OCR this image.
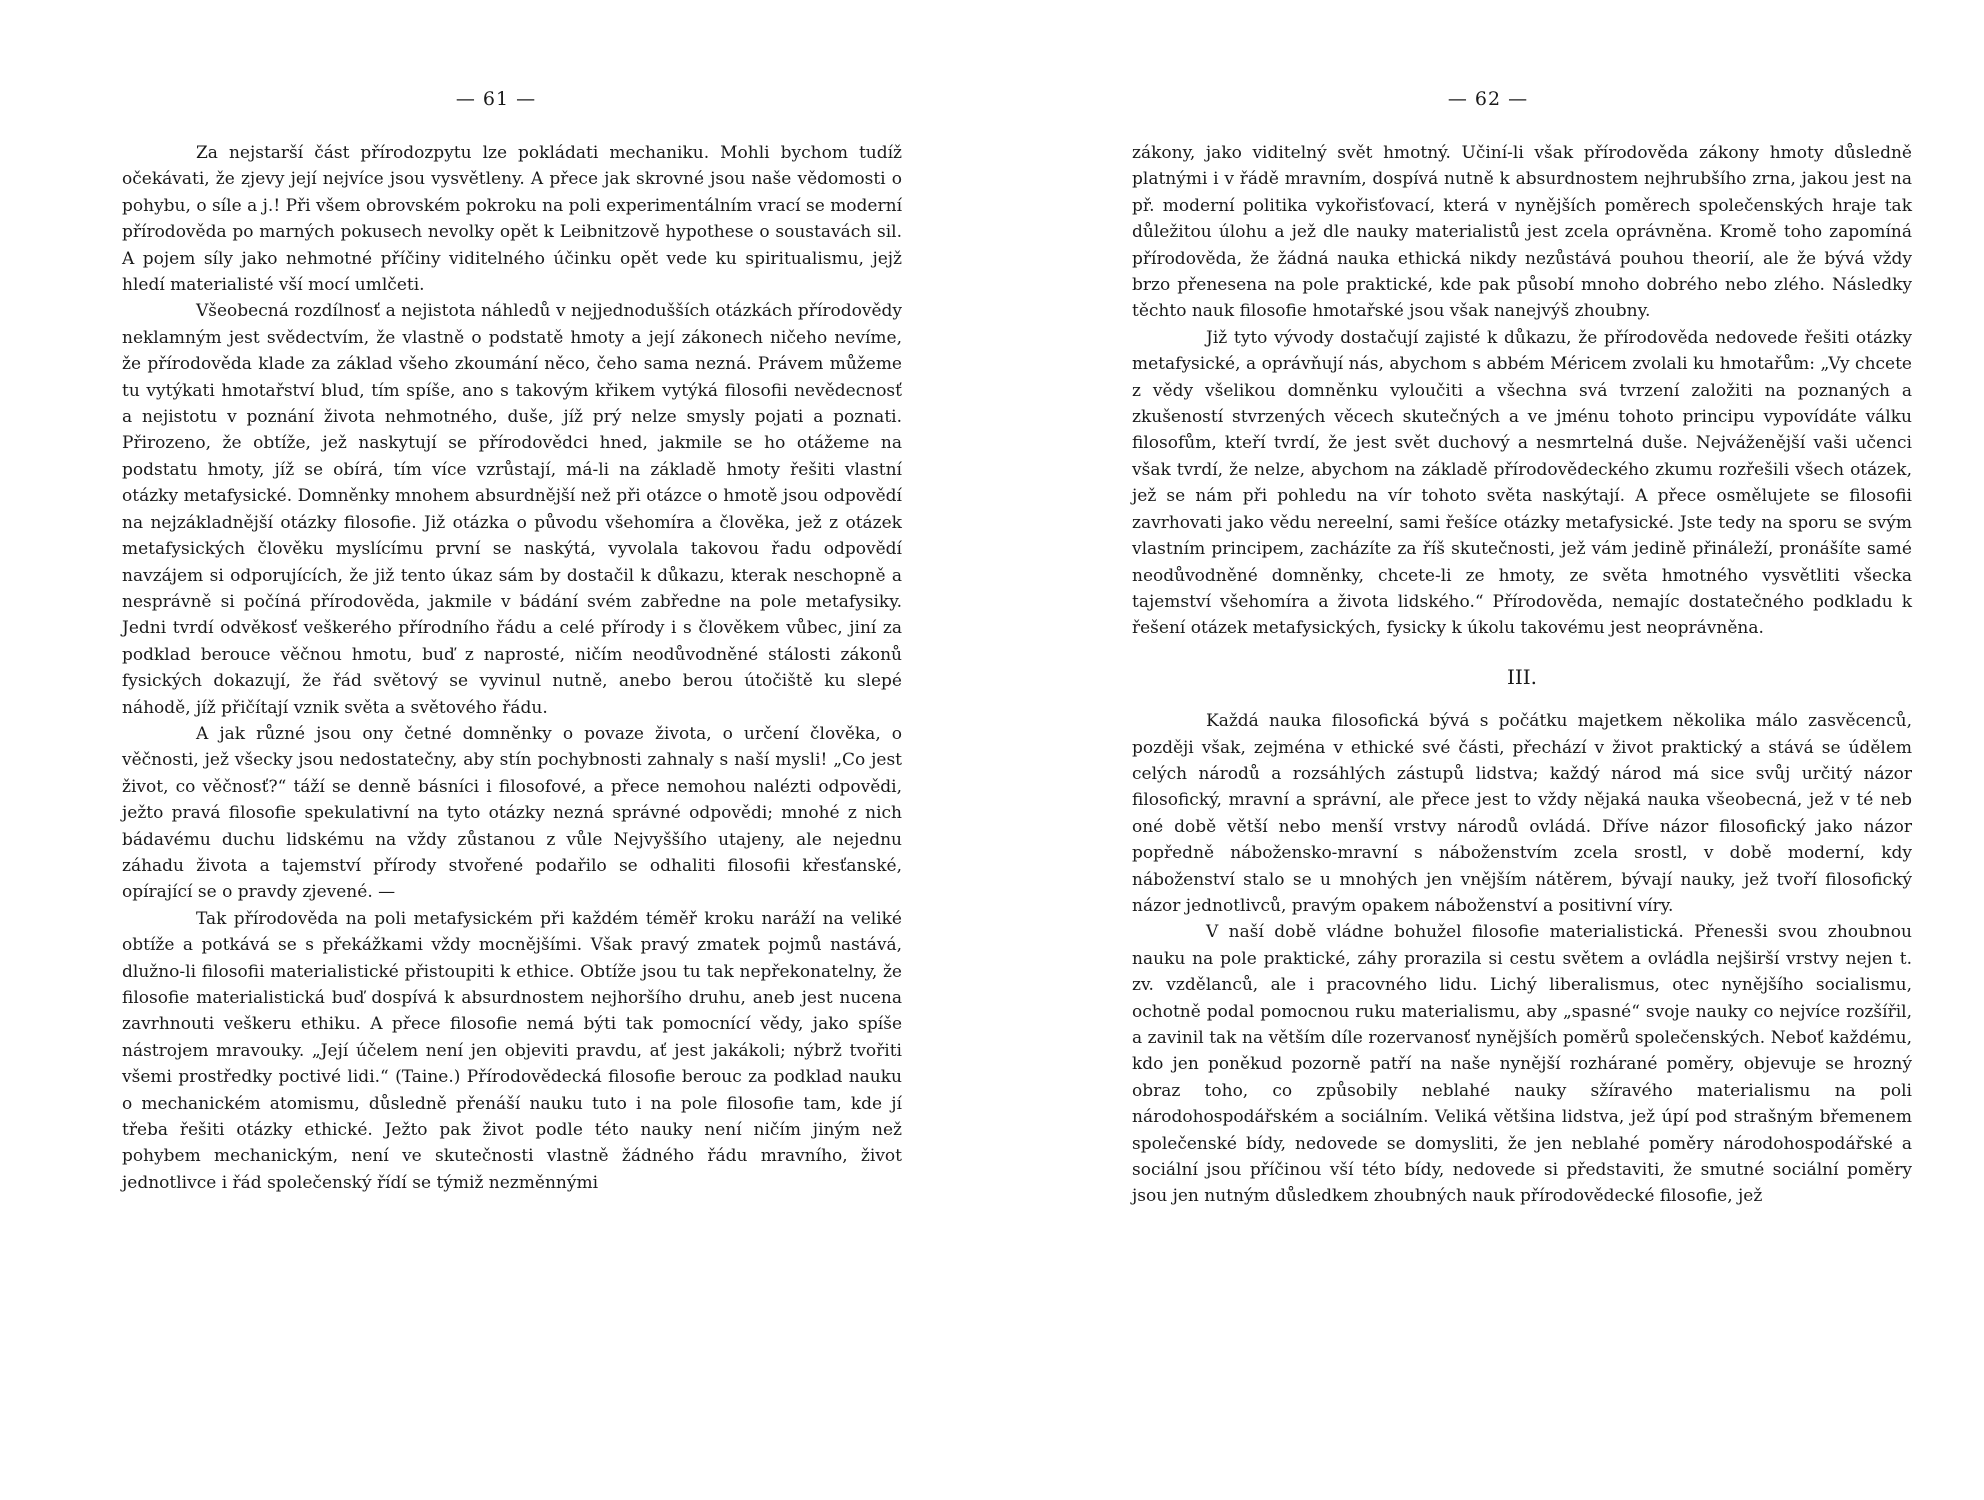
— 61 —

Za nejstarší část přírodozpytu lze pokládati mechaniku. Mohli bychom tudíž očekávati, že zjevy její nejvíce jsou vysvětleny. A přece jak skrovné jsou naše vědomosti o pohybu, o síle a j.! Při všem obrovském pokroku na poli experimentálním vrací se moderní přírodověda po marných pokusech nevolky opět k Leibnitzově hypothese o soustavách sil. A pojem síly jako nehmotné příčiny viditelného účinku opět vede ku spiritualismu, jejž hledí materialisté vší mocí umlčeti.

Všeobecná rozdílnosť a nejistota náhledů v nejjednodušších otázkách přírodovědy neklamným jest svědectvím, že vlastně o podstatě hmoty a její zákonech ničeho nevíme, že přírodověda klade za základ všeho zkoumání něco, čeho sama nezná. Právem můžeme tu vytýkati hmotařství blud, tím spíše, ano s takovým křikem vytýká filosofii nevědecnosť a nejistotu v poznání života nehmotného, duše, jíž prý nelze smysly pojati a poznati. Přirozeno, že obtíže, jež naskytují se přírodovědci hned, jakmile se ho otážeme na podstatu hmoty, jíž se obírá, tím více vzrůstají, má-li na základě hmoty řešiti vlastní otázky metafysické. Domněnky mnohem absurdnější než při otázce o hmotě jsou odpovědí na nejzákladnější otázky filosofie. Již otázka o původu všehomíra a člověka, jež z otázek metafysických člověku myslícímu první se naskýtá, vyvolala takovou řadu odpovědí navzájem si odporujících, že již tento úkaz sám by dostačil k důkazu, kterak neschopně a nesprávně si počíná přírodověda, jakmile v bádání svém zabředne na pole metafysiky. Jedni tvrdí odvěkosť veškerého přírodního řádu a celé přírody i s člověkem vůbec, jiní za podklad berouce věčnou hmotu, buď z naprosté, ničím neodůvodněné stálosti zákonů fysických dokazují, že řád světový se vyvinul nutně, anebo berou útočiště ku slepé náhodě, jíž přičítají vznik světa a světového řádu.

A jak různé jsou ony četné domněnky o povaze života, o určení člověka, o věčnosti, jež všecky jsou nedostatečny, aby stín pochybnosti zahnaly s naší mysli! „Co jest život, co věčnosť?“ táží se denně básníci i filosofové, a přece nemohou nalézti odpovědi, ježto pravá filosofie spekulativní na tyto otázky nezná správné odpovědi; mnohé z nich bádavému duchu lidskému na vždy zůstanou z vůle Nejvyššího utajeny, ale nejednu záhadu života a tajemství přírody stvořené podařilo se odhaliti filosofii křesťanské, opírající se o pravdy zjevené. —

Tak přírodověda na poli metafysickém při každém téměř kroku naráží na veliké obtíže a potkává se s překážkami vždy mocnějšími. Však pravý zmatek pojmů nastává, dlužno-li filosofii materialistické přistoupiti k ethice. Obtíže jsou tu tak nepřekonatelny, že filosofie materialistická buď dospívá k absurdnostem nejhoršího druhu, aneb jest nucena zavrhnouti veškeru ethiku. A přece filosofie nemá býti tak pomocnící vědy, jako spíše nástrojem mravouky. „Její účelem není jen objeviti pravdu, ať jest jakákoli; nýbrž tvořiti všemi prostředky poctivé lidi.“ (Taine.) Přírodovědecká filosofie berouc za podklad nauku o mechanickém atomismu, důsledně přenáší nauku tuto i na pole filosofie tam, kde jí třeba řešiti otázky ethické. Ježto pak život podle této nauky není ničím jiným než pohybem mechanickým, není ve skutečnosti vlastně žádného řádu mravního, život jednotlivce i řád společenský řídí se týmiž nezměnnými

— 62 —

zákony, jako viditelný svět hmotný. Učiní-li však přírodověda zákony hmoty důsledně platnými i v řádě mravním, dospívá nutně k absurdnostem nejhrubšího zrna, jakou jest na př. moderní politika vykořisťovací, která v nynějších poměrech společenských hraje tak důležitou úlohu a jež dle nauky materialistů jest zcela oprávněna. Kromě toho zapomíná přírodověda, že žádná nauka ethická nikdy nezůstává pouhou theorií, ale že bývá vždy brzo přenesena na pole praktické, kde pak působí mnoho dobrého nebo zlého. Následky těchto nauk filosofie hmotařské jsou však nanejvýš zhoubny.

Již tyto vývody dostačují zajisté k důkazu, že přírodověda nedovede řešiti otázky metafysické, a oprávňují nás, abychom s abbém Méricem zvolali ku hmotařům: „Vy chcete z vědy všelikou domněnku vyloučiti a všechna svá tvrzení založiti na poznaných a zkušeností stvrzených věcech skutečných a ve jménu tohoto principu vypovídáte válku filosofům, kteří tvrdí, že jest svět duchový a nesmrtelná duše. Nejváženější vaši učenci však tvrdí, že nelze, abychom na základě přírodovědeckého zkumu rozřešili všech otázek, jež se nám při pohledu na vír tohoto světa naskýtají. A přece osmělujete se filosofii zavrhovati jako vědu nereelní, sami řešíce otázky metafysické. Jste tedy na sporu se svým vlastním principem, zacházíte za říš skutečnosti, jež vám jedině přináleží, pronášíte samé neodůvodněné domněnky, chcete-li ze hmoty, ze světa hmotného vysvětliti všecka tajemství všehomíra a života lidského.“ Přírodověda, nemajíc dostatečného podkladu k řešení otázek metafysických, fysicky k úkolu takovému jest neoprávněna.

III.

Každá nauka filosofická bývá s počátku majetkem několika málo zasvěcenců, později však, zejména v ethické své části, přechází v život praktický a stává se údělem celých národů a rozsáhlých zástupů lidstva; každý národ má sice svůj určitý názor filosofický, mravní a správní, ale přece jest to vždy nějaká nauka všeobecná, jež v té neb oné době větší nebo menší vrstvy národů ovládá. Dříve názor filosofický jako názor popředně nábožensko-mravní s náboženstvím zcela srostl, v době moderní, kdy náboženství stalo se u mnohých jen vnějším nátěrem, bývají nauky, jež tvoří filosofický názor jednotlivců, pravým opakem náboženství a positivní víry.

V naší době vládne bohužel filosofie materialistická. Přenesši svou zhoubnou nauku na pole praktické, záhy prorazila si cestu světem a ovládla nejširší vrstvy nejen t. zv. vzdělanců, ale i pracovného lidu. Lichý liberalismus, otec nynějšího socialismu, ochotně podal pomocnou ruku materialismu, aby „spasné“ svoje nauky co nejvíce rozšířil, a zavinil tak na větším díle rozervanosť nynějších poměrů společenských. Neboť každému, kdo jen poněkud pozorně patří na naše nynější rozhárané poměry, objevuje se hrozný obraz toho, co způsobily neblahé nauky sžíravého materialismu na poli národohospodářském a sociálním. Veliká většina lidstva, jež úpí pod strašným břemenem společenské bídy, nedovede se domysliti, že jen neblahé poměry národohospodářské a sociální jsou příčinou vší této bídy, nedovede si představiti, že smutné sociální poměry jsou jen nutným důsledkem zhoubných nauk přírodovědecké filosofie, jež
